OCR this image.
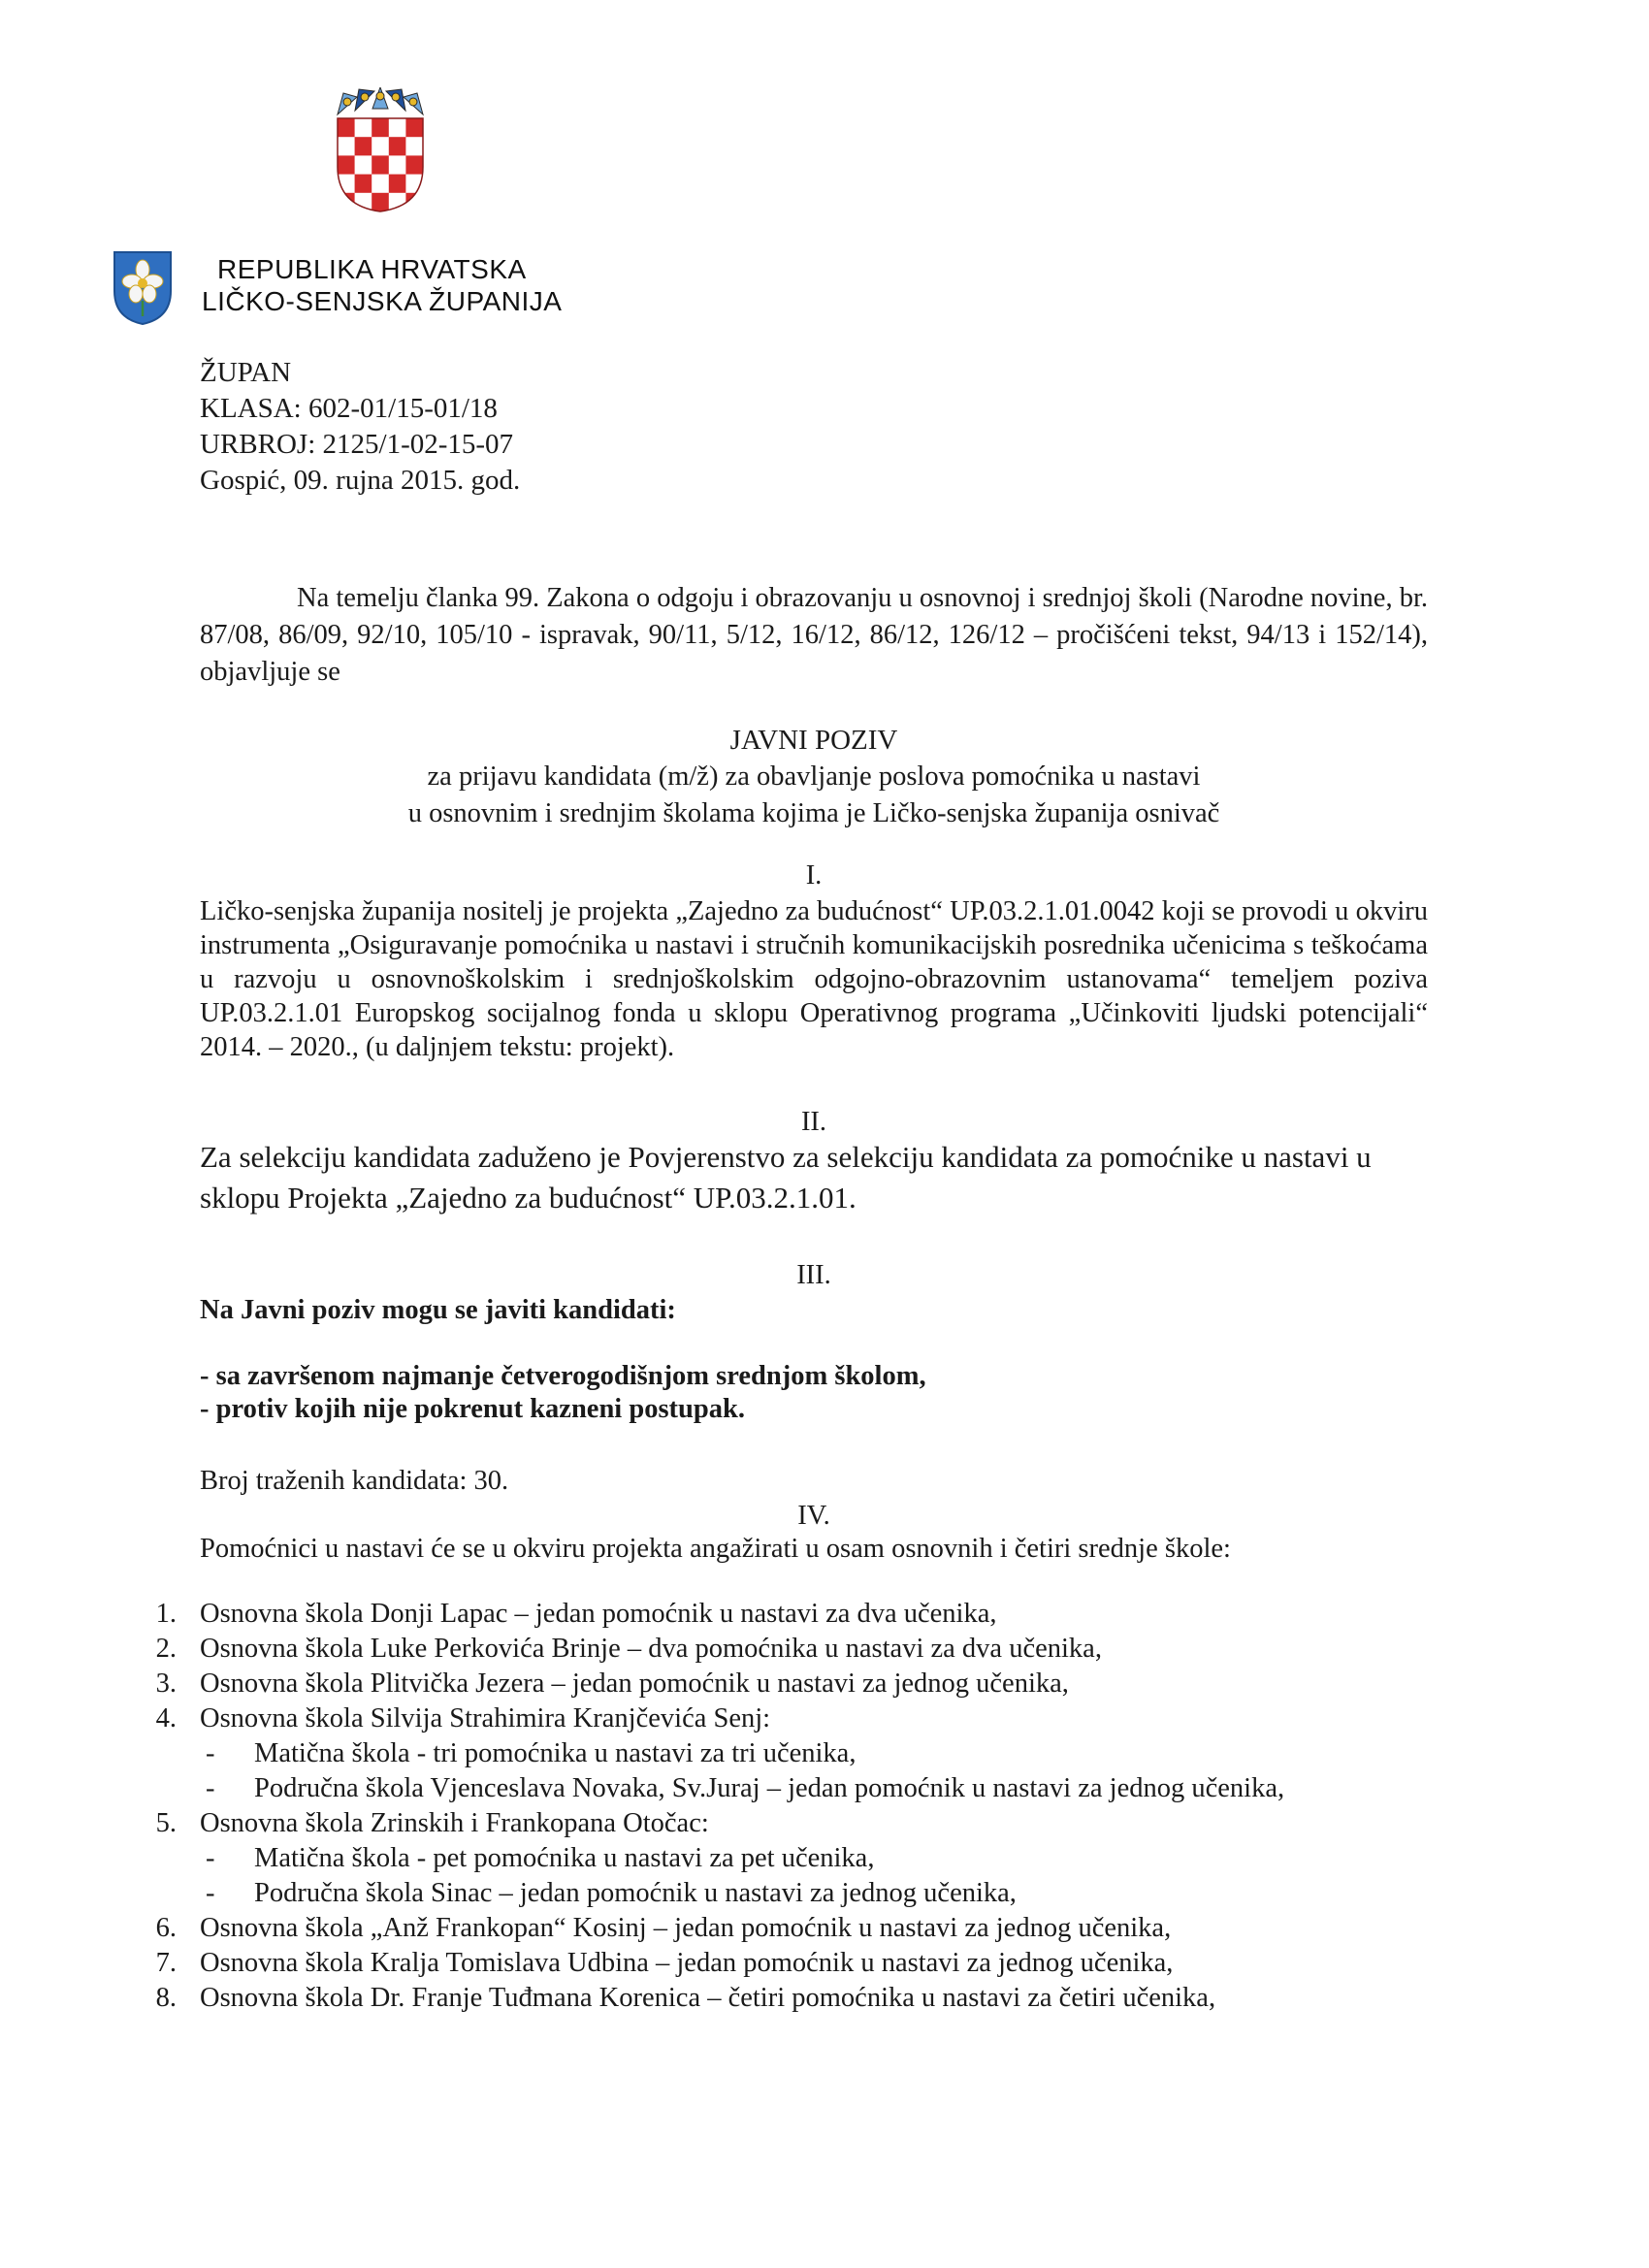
REPUBLIKA HRVATSKA
LIČKO-SENJSKA ŽUPANIJA
ŽUPAN
KLASA: 602-01/15-01/18
URBROJ: 2125/1-02-15-07
Gospić, 09. rujna 2015. god.

Na temelju članka 99. Zakona o odgoju i obrazovanju u osnovnoj i srednjoj školi (Narodne novine, br. 87/08, 86/09, 92/10, 105/10 - ispravak, 90/11, 5/12, 16/12, 86/12, 126/12 – pročišćeni tekst, 94/13 i 152/14), objavljuje se

JAVNI POZIV
za prijavu kandidata (m/ž) za obavljanje poslova pomoćnika u nastavi
u osnovnim i srednjim školama kojima je Ličko-senjska županija osnivač
I.

Ličko-senjska županija nositelj je projekta „Zajedno za budućnost“ UP.03.2.1.01.0042 koji se provodi u okviru instrumenta „Osiguravanje pomoćnika u nastavi i stručnih komunikacijskih posrednika učenicima s teškoćama u razvoju u osnovnoškolskim i srednjoškolskim odgojno-obrazovnim ustanovama“ temeljem poziva UP.03.2.1.01 Europskog socijalnog fonda u sklopu Operativnog programa „Učinkoviti ljudski potencijali“ 2014. – 2020., (u daljnjem tekstu: projekt).

II.

Za selekciju kandidata zaduženo je Povjerenstvo za selekciju kandidata za pomoćnike u nastavi u sklopu Projekta „Zajedno za budućnost“ UP.03.2.1.01.

III.
Na Javni poziv mogu se javiti kandidati:
- sa završenom najmanje četverogodišnjom srednjom školom,
- protiv kojih nije pokrenut kazneni postupak.
Broj traženih kandidata: 30.
IV.
Pomoćnici u nastavi će se u okviru projekta angažirati u osam osnovnih i četiri srednje škole:
1. Osnovna škola Donji Lapac – jedan pomoćnik u nastavi za dva učenika,
2. Osnovna škola Luke Perkovića Brinje – dva pomoćnika u nastavi za dva učenika,
3. Osnovna škola Plitvička Jezera – jedan pomoćnik u nastavi za jednog učenika,
4. Osnovna škola Silvija Strahimira Kranjčevića Senj:
- Matična škola - tri pomoćnika u nastavi za tri učenika,
- Područna škola Vjenceslava Novaka, Sv.Juraj – jedan pomoćnik u nastavi za jednog učenika,
5. Osnovna škola Zrinskih i Frankopana Otočac:
- Matična škola - pet pomoćnika u nastavi za pet učenika,
- Područna škola Sinac – jedan pomoćnik u nastavi za jednog učenika,
6. Osnovna škola „Anž Frankopan“ Kosinj – jedan pomoćnik u nastavi za jednog učenika,
7. Osnovna škola Kralja Tomislava Udbina – jedan pomoćnik u nastavi za jednog učenika,
8. Osnovna škola Dr. Franje Tuđmana Korenica – četiri pomoćnika u nastavi za četiri učenika,
